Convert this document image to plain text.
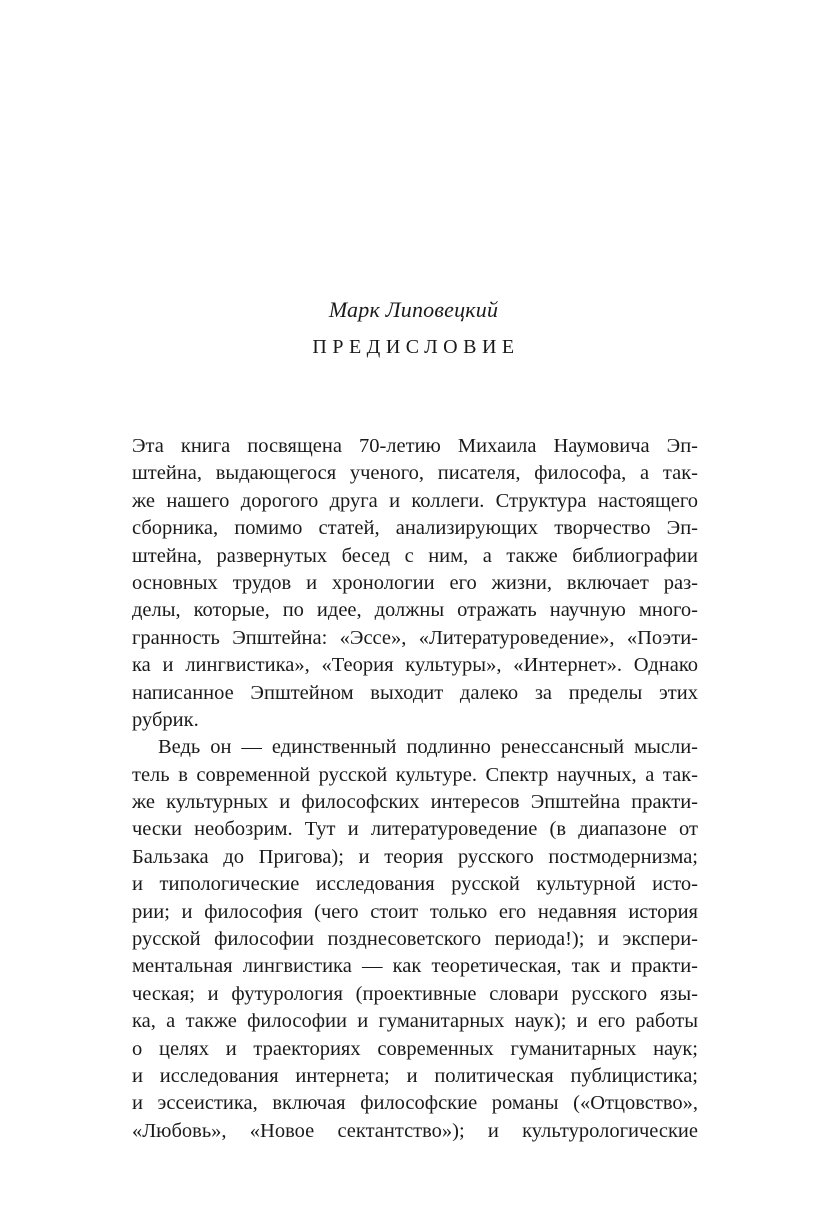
Марк Липовецкий
ПРЕДИСЛОВИЕ
Эта книга посвящена 70-летию Михаила Наумовича Эп-
штейна, выдающегося ученого, писателя, философа, а так-
же нашего дорогого друга и коллеги. Структура настоящего
сборника, помимо статей, анализирующих творчество Эп-
штейна, развернутых бесед с ним, а также библиографии
основных трудов и хронологии его жизни, включает раз-
делы, которые, по идее, должны отражать научную много-
гранность Эпштейна: «Эссе», «Литературоведение», «Поэти-
ка и лингвистика», «Теория культуры», «Интернет». Однако
написанное Эпштейном выходит далеко за пределы этих
рубрик.
Ведь он — единственный подлинно ренессансный мысли-
тель в современной русской культуре. Спектр научных, а так-
же культурных и философских интересов Эпштейна практи-
чески необозрим. Тут и литературоведение (в диапазоне от
Бальзака до Пригова); и теория русского постмодернизма;
и типологические исследования русской культурной исто-
рии; и философия (чего стоит только его недавняя история
русской философии позднесоветского периода!); и экспери-
ментальная лингвистика — как теоретическая, так и практи-
ческая; и футурология (проективные словари русского язы-
ка, а также философии и гуманитарных наук); и его работы
о целях и траекториях современных гуманитарных наук;
и исследования интернета; и политическая публицистика;
и эссеистика, включая философские романы («Отцовство»,
«Любовь», «Новое сектантство»); и культурологические
